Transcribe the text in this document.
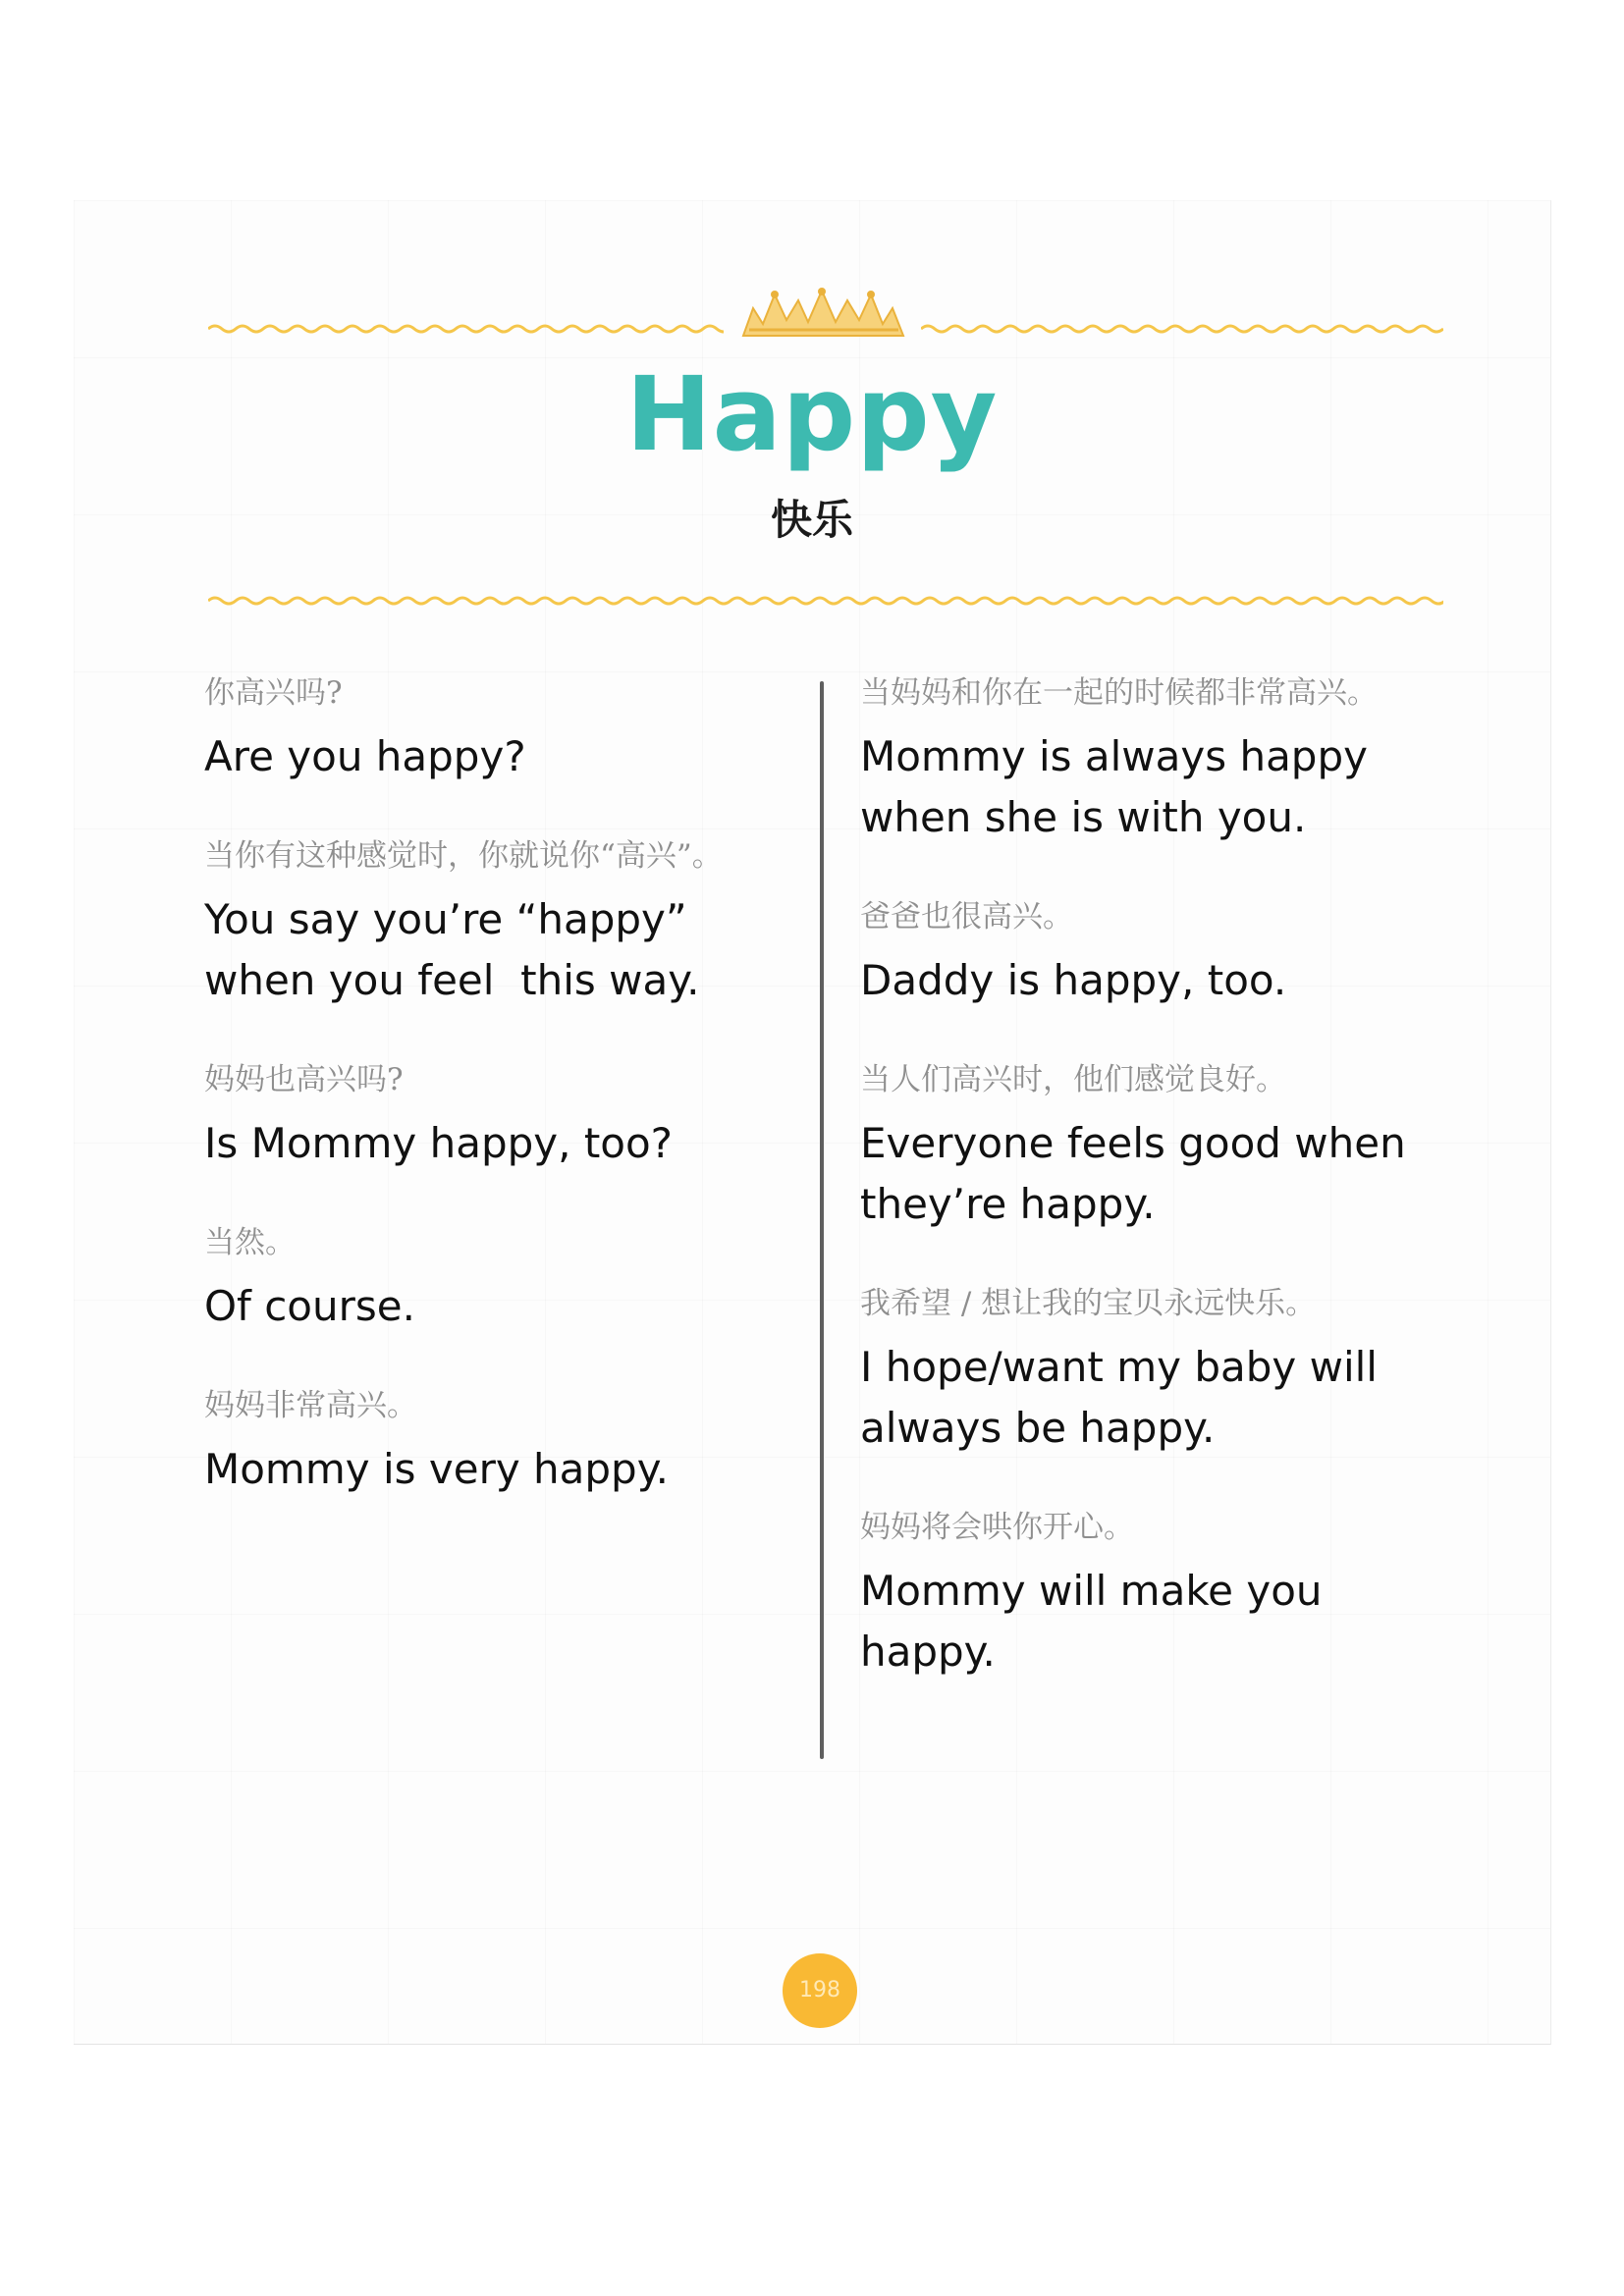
Happy
快乐

你高兴吗?

Are you happy?

当你有这种感觉时，你就说你“高兴”。

You say you’re “happy” when you feel  this way.

妈妈也高兴吗?

Is Mommy happy, too?

当然。

Of course.

妈妈非常高兴。

Mommy is very happy.

当妈妈和你在一起的时候都非常高兴。

Mommy is always happy when she is with you.

爸爸也很高兴。

Daddy is happy, too.

当人们高兴时，他们感觉良好。

Everyone feels good when they’re happy.

我希望 / 想让我的宝贝永远快乐。

I hope/want my baby will always be happy.

妈妈将会哄你开心。

Mommy will make you happy.

198
